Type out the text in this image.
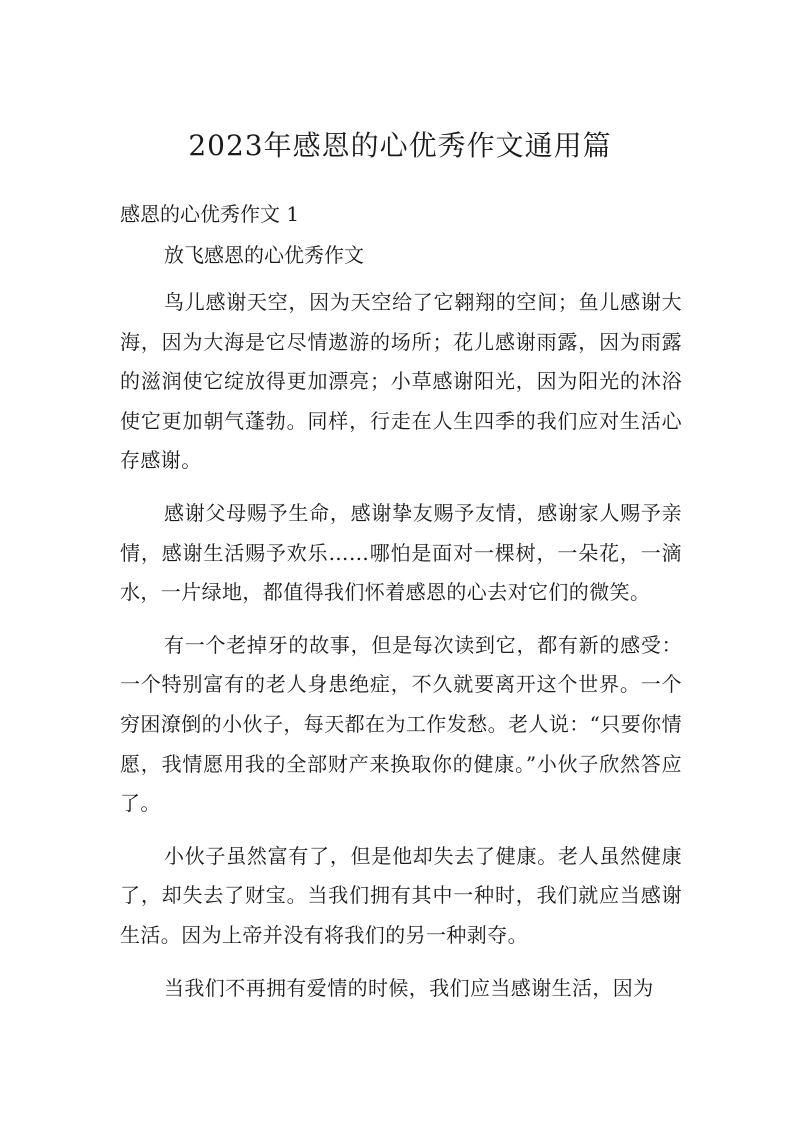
2023年感恩的心优秀作文通用篇
感恩的心优秀作文 1
放飞感恩的心优秀作文

鸟儿感谢天空，因为天空给了它翱翔的空间；鱼儿感谢大海，因为大海是它尽情遨游的场所；花儿感谢雨露，因为雨露的滋润使它绽放得更加漂亮；小草感谢阳光，因为阳光的沐浴使它更加朝气蓬勃。同样，行走在人生四季的我们应对生活心存感谢。

感谢父母赐予生命，感谢挚友赐予友情，感谢家人赐予亲情，感谢生活赐予欢乐……哪怕是面对一棵树，一朵花，一滴水，一片绿地，都值得我们怀着感恩的心去对它们的微笑。

有一个老掉牙的故事，但是每次读到它，都有新的感受：一个特别富有的老人身患绝症，不久就要离开这个世界。一个穷困潦倒的小伙子，每天都在为工作发愁。老人说：“只要你情愿，我情愿用我的全部财产来换取你的健康。”小伙子欣然答应了。

小伙子虽然富有了，但是他却失去了健康。老人虽然健康了，却失去了财宝。当我们拥有其中一种时，我们就应当感谢生活。因为上帝并没有将我们的另一种剥夺。

当我们不再拥有爱情的时候，我们应当感谢生活，因为
